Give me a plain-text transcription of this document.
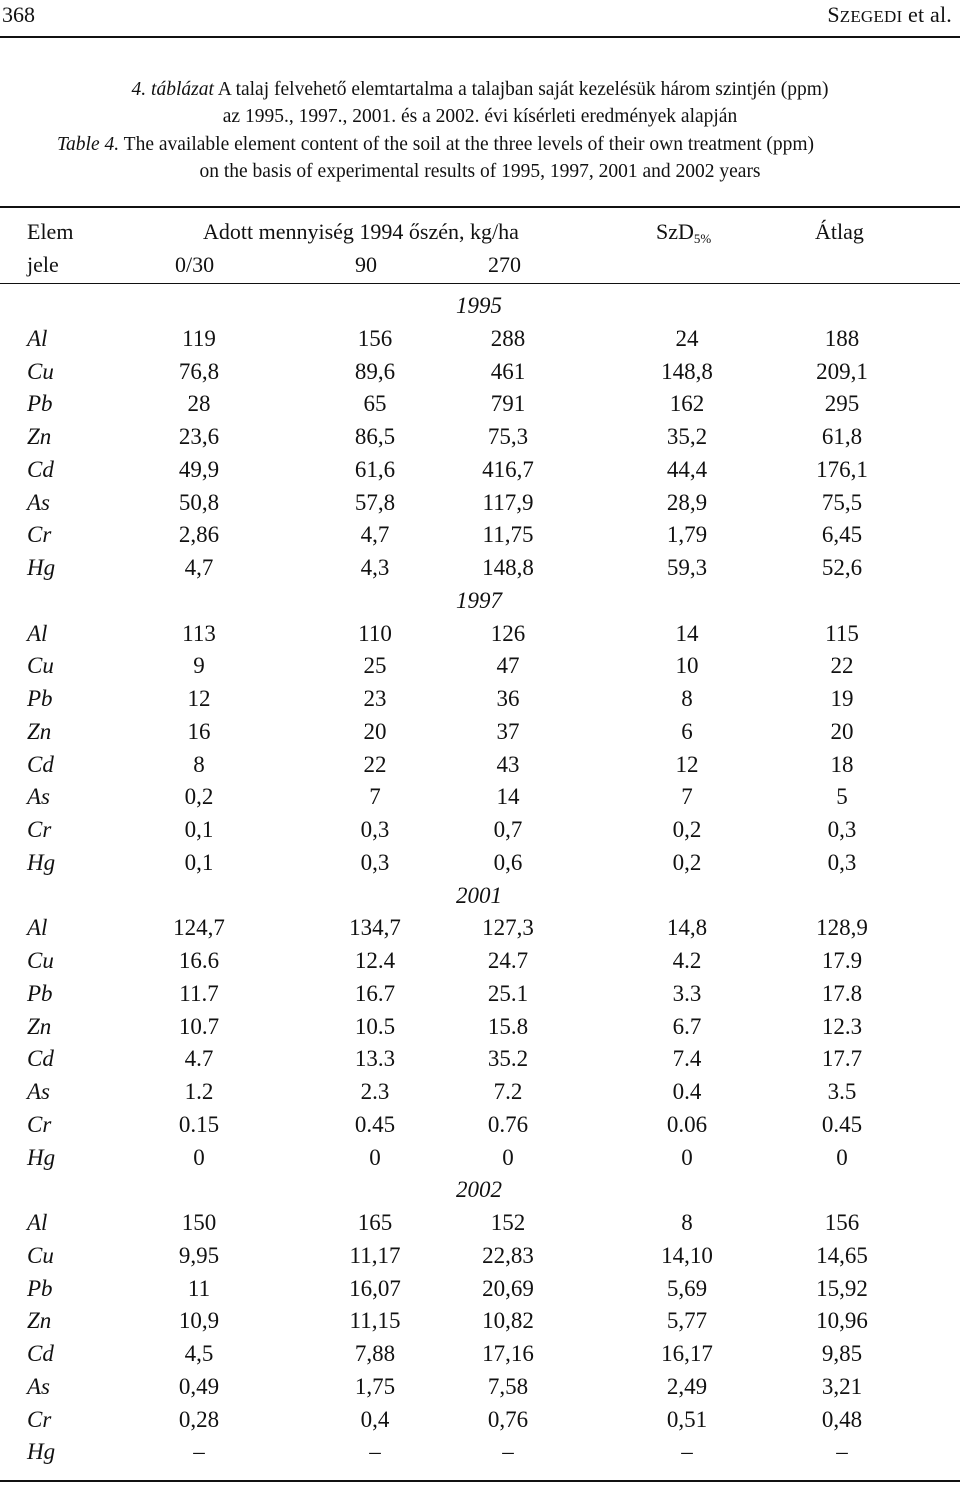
368	SZEGEDI et al.
4. táblázat A talaj felvehető elemtartalma a talajban saját kezelésük három szintjén (ppm)
az 1995., 1997., 2001. és a 2002. évi kísérleti eredmények alapján
Table 4. The available element content of the soil at the three levels of their own treatment (ppm)
on the basis of experimental results of 1995, 1997, 2001 and 2002 years
Elem	Adott mennyiség 1994 őszén, kg/ha	SzD$_{5\%}$	Átlag
jele	0/30	90	270
1995
Al	119	156	288	24	188
Cu	76,8	89,6	461	148,8	209,1
Pb	28	65	791	162	295
Zn	23,6	86,5	75,3	35,2	61,8
Cd	49,9	61,6	416,7	44,4	176,1
As	50,8	57,8	117,9	28,9	75,5
Cr	2,86	4,7	11,75	1,79	6,45
Hg	4,7	4,3	148,8	59,3	52,6
1997
Al	113	110	126	14	115
Cu	9	25	47	10	22
Pb	12	23	36	8	19
Zn	16	20	37	6	20
Cd	8	22	43	12	18
As	0,2	7	14	7	5
Cr	0,1	0,3	0,7	0,2	0,3
Hg	0,1	0,3	0,6	0,2	0,3
2001
Al	124,7	134,7	127,3	14,8	128,9
Cu	16.6	12.4	24.7	4.2	17.9
Pb	11.7	16.7	25.1	3.3	17.8
Zn	10.7	10.5	15.8	6.7	12.3
Cd	4.7	13.3	35.2	7.4	17.7
As	1.2	2.3	7.2	0.4	3.5
Cr	0.15	0.45	0.76	0.06	0.45
Hg	0	0	0	0	0
2002
Al	150	165	152	8	156
Cu	9,95	11,17	22,83	14,10	14,65
Pb	11	16,07	20,69	5,69	15,92
Zn	10,9	11,15	10,82	5,77	10,96
Cd	4,5	7,88	17,16	16,17	9,85
As	0,49	1,75	7,58	2,49	3,21
Cr	0,28	0,4	0,76	0,51	0,48
Hg	–	–	–	–	–
